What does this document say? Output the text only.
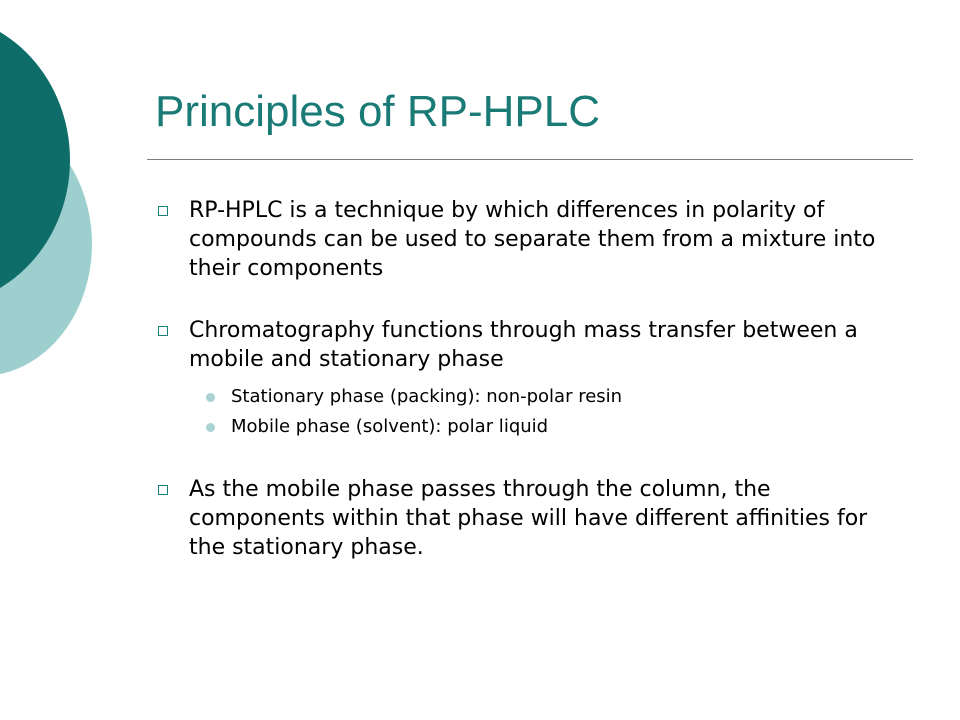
Principles of RP-HPLC
RP-HPLC is a technique by which differences in polarity of compounds can be used to separate them from a mixture into their components
Chromatography functions through mass transfer between a mobile and stationary phase
Stationary phase (packing): non-polar resin
Mobile phase (solvent): polar liquid
As the mobile phase passes through the column, the components within that phase will have different affinities for the stationary phase.
